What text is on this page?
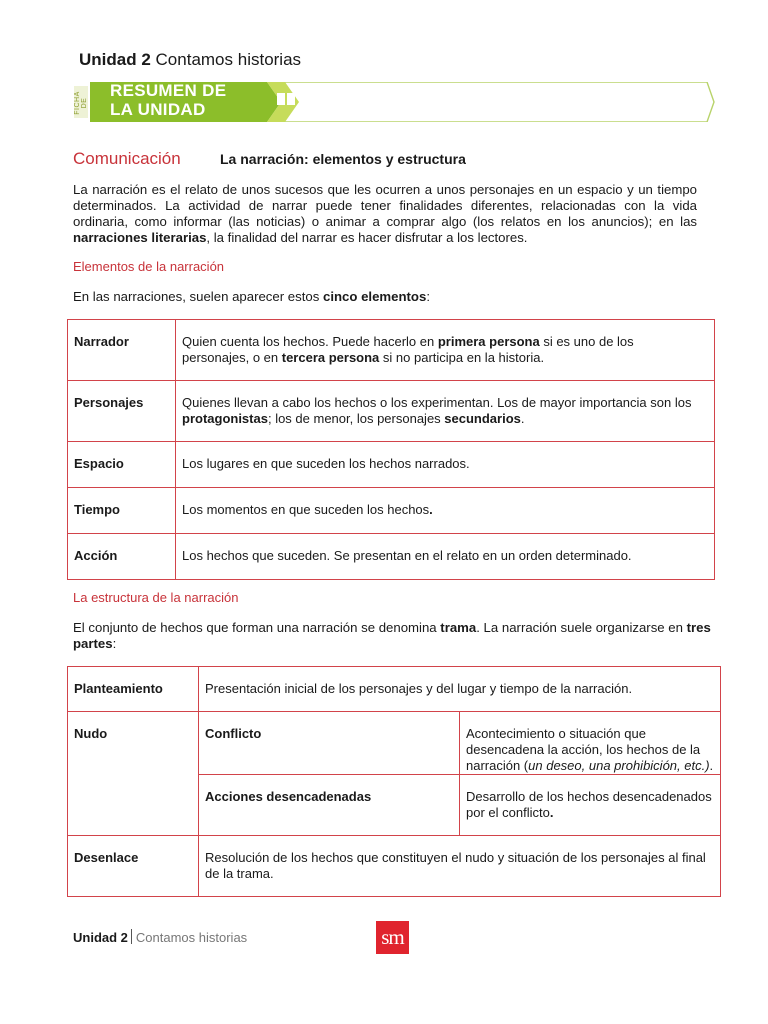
Unidad 2 Contamos historias
FICHA DE
RESUMEN DE
LA UNIDAD
Comunicación	La narración: elementos y estructura

La narración es el relato de unos sucesos que les ocurren a unos personajes en un espacio y un tiempo determinados. La actividad de narrar puede tener finalidades diferentes, relacionadas con la vida ordinaria, como informar (las noticias) o animar a comprar algo (los relatos en los anuncios); en las narraciones literarias, la finalidad del narrar es hacer disfrutar a los lectores.

Elementos de la narración

En las narraciones, suelen aparecer estos cinco elementos:

Narrador	Quien cuenta los hechos. Puede hacerlo en primera persona si es uno de los personajes, o en tercera persona si no participa en la historia.
Personajes	Quienes llevan a cabo los hechos o los experimentan. Los de mayor importancia son los protagonistas; los de menor, los personajes secundarios.
Espacio	Los lugares en que suceden los hechos narrados.
Tiempo	Los momentos en que suceden los hechos.
Acción	Los hechos que suceden. Se presentan en el relato en un orden determinado.
La estructura de la narración

El conjunto de hechos que forman una narración se denomina trama. La narración suele organizarse en tres partes:

Planteamiento	Presentación inicial de los personajes y del lugar y tiempo de la narración.	
Nudo	Conflicto	Acontecimiento o situación que desencadena la acción, los hechos de la narración (un deseo, una prohibición, etc.).
	Acciones desencadenadas	Desarrollo de los hechos desencadenados por el conflicto.
Desenlace	Resolución de los hechos que constituyen el nudo y situación de los personajes al final de la trama.	
Unidad 2 Contamos historias	sm
